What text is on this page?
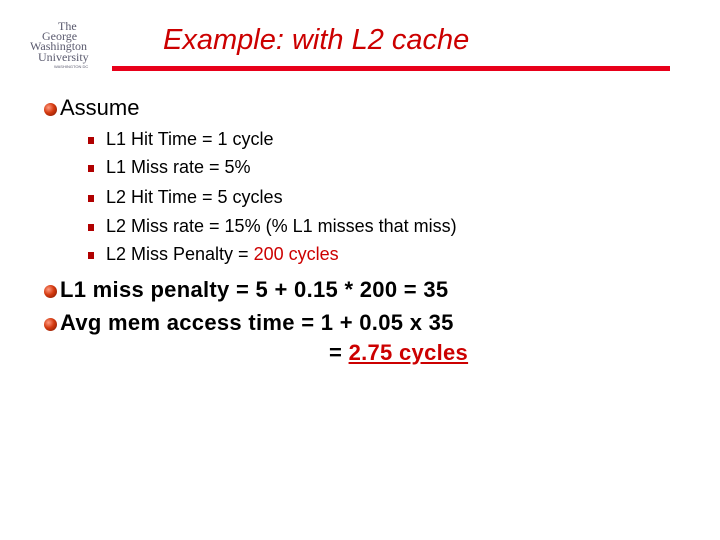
The
George
Washington
University
WASHINGTON DC
Example: with L2 cache
Assume
L1 Hit Time = 1 cycle
L1 Miss rate = 5%
L2 Hit Time = 5 cycles
L2 Miss rate = 15% (% L1 misses that miss)
L2 Miss Penalty = 200 cycles
L1 miss penalty = 5 + 0.15 * 200 = 35
Avg mem access time = 1 + 0.05 x 35
= 2.75 cycles
